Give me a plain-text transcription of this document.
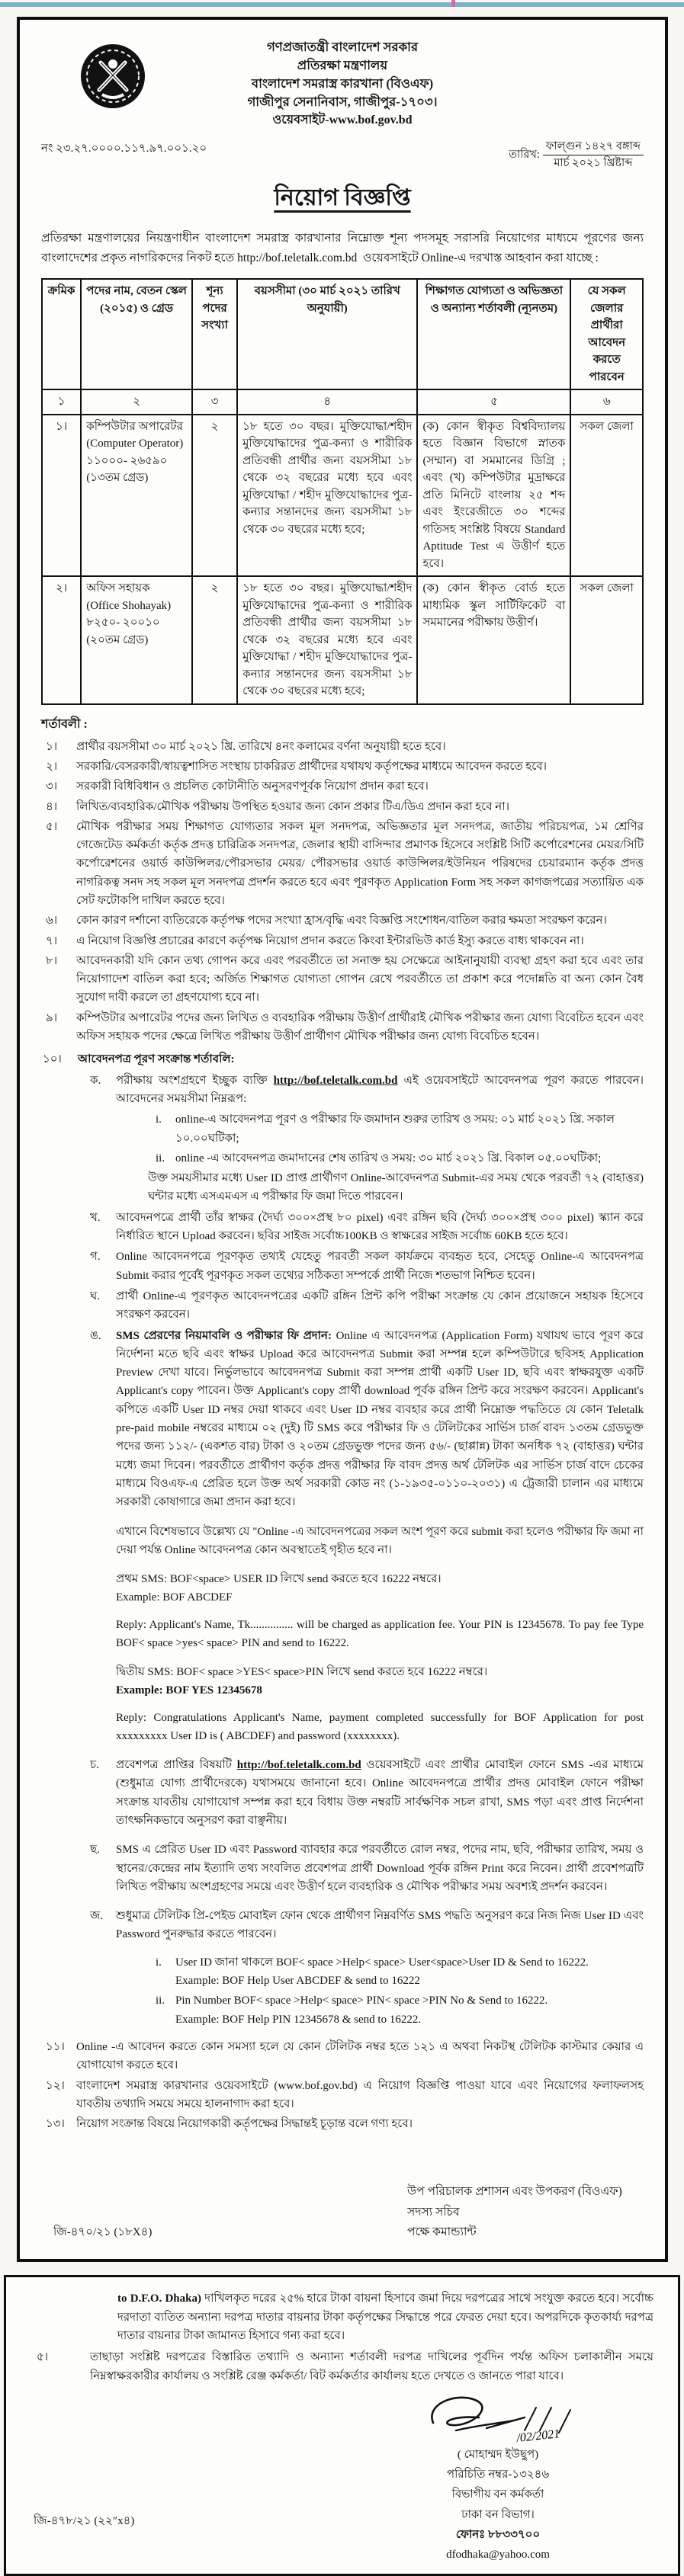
গণপ্রজাতন্ত্রী বাংলাদেশ সরকার
প্রতিরক্ষা মন্ত্রণালয়
বাংলাদেশ সমরাস্ত্র কারখানা (বিওএফ)
গাজীপুর সেনানিবাস, গাজীপুর-১৭০৩।
ওয়েবসাইট-www.bof.gov.bd
নং ২৩.২৭.০০০০.১১৭.৯৭.০০১.২০
তারিখ: $\frac{\text{ফাল্গুন ১৪২৭ বঙ্গাব্দ}}{\text{মার্চ ২০২১ খ্রিষ্টাব্দ}}$
নিয়োগ বিজ্ঞপ্তি

প্রতিরক্ষা মন্ত্রণালয়ের নিয়ন্ত্রণাধীন বাংলাদেশ সমরাস্ত্র কারখানার নিম্নোক্ত শূন্য পদসমূহ সরাসরি নিয়োগের মাধ্যমে পূরণের জন্য বাংলাদেশের প্রকৃত নাগরিকদের নিকট হতে http://bof.teletalk.com.bd ওয়েবসাইটে Online-এ দরখাস্ত আহবান করা যাচ্ছে :

ক্রমিক	পদের নাম, বেতন স্কেল (২০১৫) ও গ্রেড	শূন্য পদের সংখ্যা	বয়সসীমা (৩০ মার্চ ২০২১ তারিখ অনুযায়ী)	শিক্ষাগত যোগ্যতা ও অভিজ্ঞতা ও অন্যান্য শর্তাবলী (ন্যূনতম)	যে সকল জেলার প্রার্থীরা আবেদন করতে পারবেন
১	২	৩	৪	৫	৬
১।	কম্পিউটার অপারেটর
(Computer Operator)
১১০০০- ২৬৫৯০
(১৩তম গ্রেড)
	২	১৮ হতে ৩০ বছর। মুক্তিযোদ্ধা/শহীদ মুক্তিযোদ্ধাদের পুত্র-কন্যা ও শারীরিক প্রতিবন্ধী প্রার্থীর জন্য বয়সসীমা ১৮ থেকে ৩২ বছরের মধ্যে হবে এবং মুক্তিযোদ্ধা / শহীদ মুক্তিযোদ্ধাদের পুত্র-কন্যার সন্তানদের জন্য বয়সসীমা ১৮ থেকে ৩০ বছরের মধ্যে হবে;	(ক) কোন স্বীকৃত বিশ্ববিদ্যালয় হতে বিজ্ঞান বিভাগে স্নাতক (সম্মান) বা সমমানের ডিগ্রি ; এবং (খ) কম্পিউটার মুদ্রাক্ষরে প্রতি মিনিটে বাংলায় ২৫ শব্দ এবং ইংরেজীতে ৩০ শব্দের গতিসহ সংশ্লিষ্ট বিষয়ে Standard Aptitude Test এ উত্তীর্ণ হতে হবে।	সকল জেলা
২।	অফিস সহায়ক
(Office Shohayak)
৮২৫০- ২০০১০
(২০তম গ্রেড)
	২	১৮ হতে ৩০ বছর। মুক্তিযোদ্ধা/শহীদ মুক্তিযোদ্ধাদের পুত্র-কন্যা ও শারীরিক প্রতিবন্ধী প্রার্থীর জন্য বয়সসীমা ১৮ থেকে ৩২ বছরের মধ্যে হবে এবং মুক্তিযোদ্ধা / শহীদ মুক্তিযোদ্ধাদের পুত্র-কন্যার সন্তানদের জন্য বয়সসীমা ১৮ থেকে ৩০ বছরের মধ্যে হবে;	(ক) কোন স্বীকৃত বোর্ড হতে মাধ্যমিক স্কুল সার্টিফিকেট বা সমমানের পরীক্ষায় উত্তীর্ণ।	সকল জেলা
শর্তাবলী :
১।	প্রার্থীর বয়সসীমা ৩০ মার্চ ২০২১ খ্রি. তারিখে ৪নং কলামের বর্ণনা অনুযায়ী হতে হবে।
২।	সরকারি/বেসরকারী/স্বায়ত্বশাসিত সংস্থায় চাকরিরত প্রার্থীদের যথাযথ কর্তৃপক্ষের মাধ্যমে আবেদন করতে হবে।
৩।	সরকারী বিধিবিধান ও প্রচলিত কোটানীতি অনুসরণপূর্বক নিয়োগ প্রদান করা হবে।
৪।	লিখিত/ব্যবহারিক/মৌখিক পরীক্ষায় উপস্থিত হওয়ার জন্য কোন প্রকার টিএ/ডিএ প্রদান করা হবে না।
৫।	মৌখিক পরীক্ষার সময় শিক্ষাগত যোগ্যতার সকল মূল সনদপত্র, অভিজ্ঞতার মূল সনদপত্র, জাতীয় পরিচয়পত্র, ১ম শ্রেণির গেজেটেড কর্মকর্তা কর্তৃক প্রদত্ত চারিত্রিক সনদপত্র, জেলার স্থায়ী বাসিন্দার প্রমাণক হিসেবে সংশ্লিষ্ট সিটি কর্পোরেশনের মেয়র/সিটি কর্পোরেশনের ওয়ার্ড কাউন্সিলর/পৌরসভার মেয়র/ পৌরসভার ওয়ার্ড কাউন্সিলর/ইউনিয়ন পরিষদের চেয়ারম্যান কর্তৃক প্রদত্ত নাগরিকত্ব সনদ সহ সকল মূল সনদপত্র প্রদর্শন করতে হবে এবং পূরণকৃত Application Form সহ সকল কাগজপত্রের সত্যায়িত এক সেট ফটোকপি দাখিল করতে হবে।
৬।	কোন কারণ দর্শানো ব্যতিরেকে কর্তৃপক্ষ পদের সংখ্যা হ্রাস/বৃদ্ধি এবং বিজ্ঞপ্তি সংশোধন/বাতিল করার ক্ষমতা সংরক্ষণ করেন।
৭।	এ নিয়োগ বিজ্ঞপ্তি প্রচারের কারণে কর্তৃপক্ষ নিয়োগ প্রদান করতে কিংবা ইন্টারভিউ কার্ড ইস্যু করতে বাধ্য থাকবেন না।
৮।	আবেদনকারী যদি কোন তথ্য গোপন করে এবং পরবর্তীতে তা সনাক্ত হয় সেক্ষেত্রে আইনানুযায়ী ব্যবস্থা গ্রহণ করা হবে এবং তার নিয়োগাদেশ বাতিল করা হবে; অর্জিত শিক্ষাগত যোগ্যতা গোপন রেখে পরবর্তীতে তা প্রকাশ করে পদোন্নতি বা অন্য কোন বৈধ সুযোগ দাবী করলে তা গ্রহণযোগ্য হবে না।
৯।	কম্পিউটার অপারেটর পদের জন্য লিখিত ও ব্যবহারিক পরীক্ষায় উত্তীর্ণ প্রার্থীরাই মৌখিক পরীক্ষার জন্য যোগ্য বিবেচিত হবেন এবং অফিস সহায়ক পদের ক্ষেত্রে লিখিত পরীক্ষায় উত্তীর্ণ প্রার্থীগণ মৌখিক পরীক্ষার জন্য যোগ্য বিবেচিত হবেন।
১০।	আবেদনপত্র পূরণ সংক্রান্ত শর্তাবলি:
ক.	পরীক্ষায় অংশগ্রহণে ইচ্ছুক ব্যক্তি http://bof.teletalk.com.bd এই ওয়েবসাইটে আবেদনপত্র পূরণ করতে পারবেন। আবেদনের সময়সীমা নিম্নরূপ:
i.	online-এ আবেদনপত্র পূরণ ও পরীক্ষার ফি জমাদান শুরুর তারিখ ও সময়: ০১ মার্চ ২০২১ খ্রি. সকাল ১০.০০ঘটিকা;
ii. online -এ আবেদনপত্র জমাদানের শেষ তারিখ ও সময়: ৩০ মার্চ ২০২১ খ্রি. বিকাল ০৫.০০ঘটিকা;
উক্ত সময়সীমার মধ্যে User ID প্রাপ্ত প্রার্থীগণ Online-আবেদনপত্র Submit-এর সময় থেকে পরবর্তী ৭২ (বাহাত্তর) ঘন্টার মধ্যে এসএমএস এ পরীক্ষার ফি জমা দিতে পারবেন।
খ.	আবেদনপত্রে প্রার্থী তাঁর স্বাক্ষর (দৈর্ঘ্য ৩০০×প্রস্থ ৮০ pixel) এবং রঙ্গিন ছবি (দৈর্ঘ্য ৩০০×প্রস্থ ৩০০ pixel) স্ক্যান করে নির্ধারিত স্থানে Upload করবেন। ছবির সাইজ সর্বোচ্চ100KB ও স্বাক্ষরের সাইজ সর্বোচ্চ 60KB হতে হবে।
গ.	Online আবেদনপত্রে পূরণকৃত তথ্যই যেহেতু পরবর্তী সকল কার্যক্রমে ব্যবহৃত হবে, সেহেতু Online-এ আবেদনপত্র Submit করার পূর্বেই পূরণকৃত সকল তথ্যের সঠিকতা সম্পর্কে প্রার্থী নিজে শতভাগ নিশ্চিত হবেন।
ঘ.	প্রার্থী Online-এ পূরণকৃত আবেদনপত্রের একটি রঙ্গিন প্রিন্ট কপি পরীক্ষা সংক্রান্ত যে কোন প্রয়োজনে সহায়ক হিসেবে সংরক্ষণ করবেন।
ঙ.	SMS প্রেরণের নিয়মাবলি ও পরীক্ষার ফি প্রদান: Online এ আবেদনপত্র (Application Form) যথাযথ ভাবে পূরণ করে নির্দেশনা মতে ছবি এবং স্বাক্ষর Upload করে আবেদনপত্র Submit করা সম্পন্ন হলে কম্পিউটারে ছবিসহ Application Preview দেখা যাবে। নির্ভুলভাবে আবেদনপত্র Submit করা সম্পন্ন প্রার্থী একটি User ID, ছবি এবং স্বাক্ষরযুক্ত একটি Applicant's copy পাবেন। উক্ত Applicant's copy প্রার্থী download পূর্বক রঙ্গিন প্রিন্ট করে সংরক্ষণ করবেন। Applicant's কপিতে একটি User ID নম্বর দেয়া থাকবে এবং User ID নম্বর ব্যবহার করে প্রার্থী নিম্নোক্ত পদ্ধতিতে যে কোন Teletalk pre-paid mobile নম্বরের মাধ্যমে ০২ (দুই) টি SMS করে পরীক্ষার ফি ও টেলিটকের সার্ভিস চার্জ বাবদ ১৩তম গ্রেডভুক্ত পদের জন্য ১১২/- (একশত বার) টাকা ও ২০তম গ্রেডভুক্ত পদের জন্য ৫৬/- (ছাপ্পান্ন) টাকা অনধিক ৭২ (বাহাত্তর) ঘন্টার মধ্যে জমা দিবেন। পরবর্তীতে প্রার্থীগণ কর্তৃক প্রদত্ত পরীক্ষার ফি বাবদ প্রদত্ত অর্থ টেলিটক এর সার্ভিস চার্জ বাদে চেকের মাধ্যমে বিওএফ-এ প্রেরিত হলে উক্ত অর্থ সরকারী কোড নং (১-১৯৩৫-০১১০-২০৩১) এ ট্রেজারী চালান এর মাধ্যমে সরকারী কোষাগারে জমা প্রদান করা হবে।
এখানে বিশেষভাবে উল্লেখ্য যে "Online -এ আবেদনপত্রের সকল অংশ পূরণ করে submit করা হলেও পরীক্ষার ফি জমা না দেয়া পর্যন্ত Online আবেদনপত্র কোন অবস্থাতেই গৃহীত হবে না।
প্রথম SMS: BOF<space> USER ID লিখে send করতে হবে 16222 নম্বরে।
Example: BOF ABCDEF
Reply: Applicant's Name, Tk............... will be charged as application fee. Your PIN is 12345678. To pay fee Type BOF< space >yes< space> PIN and send to 16222.
দ্বিতীয় SMS: BOF< space >YES< space>PIN লিখে send করতে হবে 16222 নম্বরে।
Example: BOF YES 12345678
Reply: Congratulations Applicant's Name, payment completed successfully for BOF Application for post xxxxxxxxx User ID is ( ABCDEF) and password (xxxxxxxx).
চ.	প্রবেশপত্র প্রাপ্তির বিষয়টি http://bof.teletalk.com.bd ওয়েবসাইটে এবং প্রার্থীর মোবাইল ফোনে SMS -এর মাধ্যমে (শুধুমাত্র যোগ্য প্রার্থীদেরকে) যথাসময়ে জানানো হবে। Online আবেদনপত্রে প্রার্থীর প্রদত্ত মোবাইল ফোনে পরীক্ষা সংক্রান্ত যাবতীয় যোগাযোগ সম্পন্ন করা হবে বিধায় উক্ত নম্বরটি সার্বক্ষণিক সচল রাখা, SMS পড়া এবং প্রাপ্ত নির্দেশনা তাৎক্ষনিকভাবে অনুসরণ করা বাঞ্ছনীয়।
ছ.	SMS এ প্রেরিত User ID এবং Password ব্যাবহার করে পরবর্তীতে রোল নম্বর, পদের নাম, ছবি, পরীক্ষার তারিখ, সময় ও স্থানের/কেন্দ্রের নাম ইত্যাদি তথ্য সংবলিত প্রবেশপত্র প্রার্থী Download পূর্বক রঙ্গিন Print করে নিবেন। প্রার্থী প্রবেশপত্রটি লিখিত পরীক্ষায় অংশগ্রহণের সময়ে এবং উত্তীর্ণ হলে ব্যবহারিক ও মৌখিক পরীক্ষার সময় অবশ্যই প্রদর্শন করবেন।
জ.	শুধুমাত্র টেলিটক প্রি-পেইড মোবাইল ফোন থেকে প্রার্থীগণ নিম্নবর্ণিত SMS পদ্ধতি অনুসরণ করে নিজ নিজ User ID এবং Password পুনরুদ্ধার করতে পারবেন।
i.	User ID জানা থাকলে BOF< space >Help< space> User<space>User ID & Send to 16222.
Example: BOF Help User ABCDEF & send to 16222
ii. Pin Number BOF< space >Help< space> PIN< space >PIN No & Send to 16222.
Example: BOF Help PIN 12345678 & send to 16222.
১১।	Online -এ আবেদন করতে কোন সমস্যা হলে যে কোন টেলিটক নম্বর হতে ১২১ এ অথবা নিকটস্থ টেলিটক কাস্টমার কেয়ার এ যোগাযোগ করতে হবে।
১২।	বাংলাদেশ সমরাস্ত্র কারখানার ওয়েবসাইটে (www.bof.gov.bd) এ নিয়োগ বিজ্ঞপ্তি পাওয়া যাবে এবং নিয়োগের ফলাফলসহ যাবতীয় তথ্যাদি সময়ে সময়ে হালনাগাদ করা হবে।
১৩।	নিয়োগ সংক্রান্ত বিষয়ে নিয়োগকারী কর্তৃপক্ষের সিদ্ধান্তই চূড়ান্ত বলে গণ্য হবে।
জি-৪৭০/২১ (১৮X৪)
উপ পরিচালক প্রশাসন এবং উপকরণ (বিওএফ)
সদস্য সচিব
পক্ষে কমান্ড্যান্ট

to D.F.O. Dhaka) দাখিলকৃত দরের ২৫% হারে টাকা বায়না হিসাবে জমা দিয়ে দরপত্রের সাথে সংযুক্ত করতে হবে। সর্বোচ্চ দরদাতা ব্যতিত অন্যান্য দরপত্র দাতার বায়নার টাকা কর্তৃপক্ষের সিদ্ধান্তে পরে ফেরত দেয়া হবে। অপরদিকে কৃতকার্য্য দরপত্র দাতার বায়নার টাকা জামানত হিসাবে গন্য করা হবে।

৫।	তাছাড়া সংশ্লিষ্ট দরপত্রের বিস্তারিত তথ্যাদি ও অন্যান্য শর্তাবলী দরপত্র দাখিলের পূর্বদিন পর্যন্ত অফিস চলাকালীন সময়ে নিম্নস্বাক্ষরকারীর কার্যালয় ও সংশ্লিষ্ট রেঞ্জ কর্মকর্তা/ বিট কর্মকর্তার কার্যালয় হতে দেখতে ও জানতে পারা যাবে।
/02/2021
( মোহাম্মদ ইউছুপ)
পরিচিতি নম্বর-১৩২৪৬
বিভাগীয় বন কর্মকর্তা
ঢাকা বন বিভাগ।
ফোনঃ ৮৮৩৩৭০০
dfodhaka@yahoo.com
জি-৪৭৮/২১ (২২″x৪)
